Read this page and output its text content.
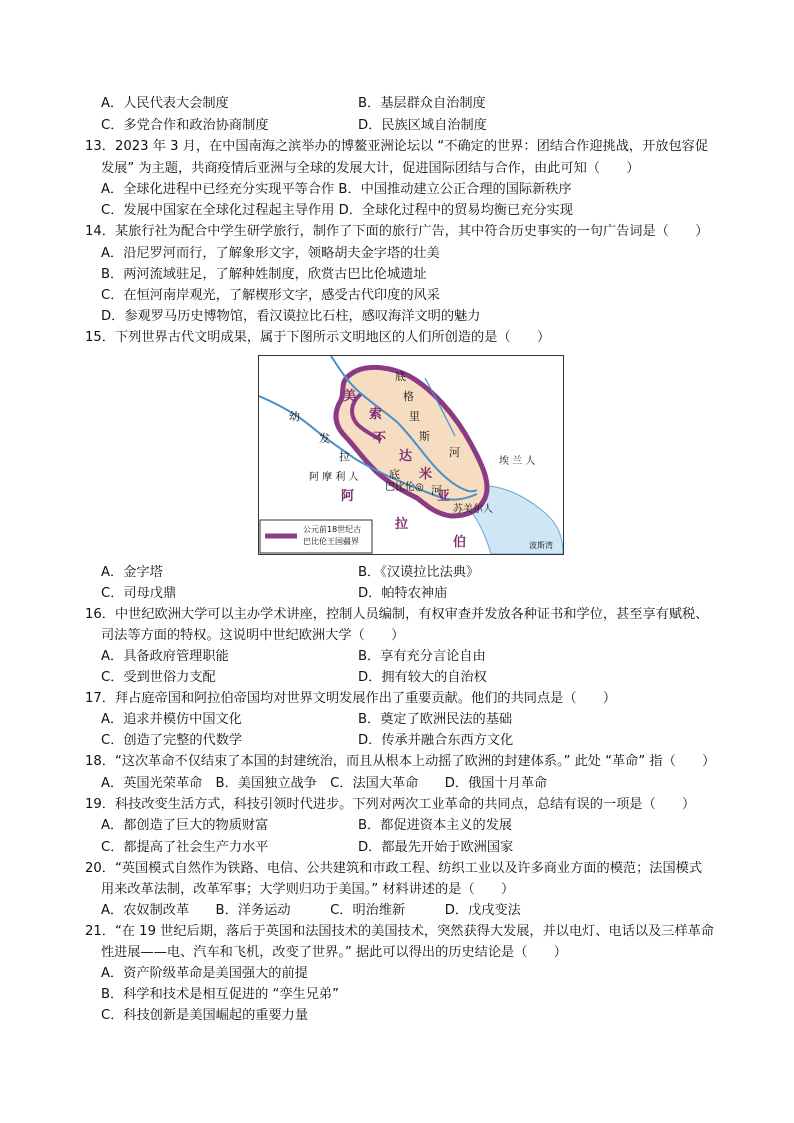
A．人民代表大会制度	B．基层群众自治制度
C．多党合作和政治协商制度	D．民族区域自治制度
13．2023 年 3 月，在中国南海之滨举办的博鳌亚洲论坛以 “不确定的世界：团结合作迎挑战，开放包容促
发展” 为主题，共商疫情后亚洲与全球的发展大计，促进国际团结与合作，由此可知（　　）
A．全球化进程中已经充分实现平等合作 B．中国推动建立公正合理的国际新秩序
C．发展中国家在全球化过程起主导作用 D．全球化过程中的贸易均衡已充分实现
14．某旅行社为配合中学生研学旅行，制作了下面的旅行广告，其中符合历史事实的一句广告词是（　　）
A．沿尼罗河而行，了解象形文字，领略胡夫金字塔的壮美
B．两河流域驻足，了解种姓制度，欣赏古巴比伦城遗址
C．在恒河南岸观光，了解楔形文字，感受古代印度的风采
D．参观罗马历史博物馆，看汉谟拉比石柱，感叹海洋文明的魅力
15．下列世界古代文明成果，属于下图所示文明地区的人们所创造的是（　　）
美
索
不
达
米
亚
底
格
里
斯
河
幼
发
拉
底
河
阿 摩 利 人
埃 兰 人
巴比伦◎
苏美尔人
阿
拉
伯	波斯湾
公元前18世纪古
巴比伦王国疆界
A．金字塔	B．《汉谟拉比法典》
C．司母戊鼎	D．帕特农神庙
16．中世纪欧洲大学可以主办学术讲座，控制人员编制，有权审查并发放各种证书和学位，甚至享有赋税、
司法等方面的特权。这说明中世纪欧洲大学（　　）
A．具备政府管理职能	B．享有充分言论自由
C．受到世俗力支配	D．拥有较大的自治权
17．拜占庭帝国和阿拉伯帝国均对世界文明发展作出了重要贡献。他们的共同点是（　　）
A．追求并模仿中国文化	B．奠定了欧洲民法的基础
C．创造了完整的代数学	D．传承并融合东西方文化
18．“这次革命不仅结束了本国的封建统治，而且从根本上动摇了欧洲的封建体系。” 此处 “革命” 指（　　）
A．英国光荣革命　B．美国独立战争　C．法国大革命　　D．俄国十月革命
19．科技改变生活方式，科技引领时代进步。下列对两次工业革命的共同点，总结有误的一项是（　　）
A．都创造了巨大的物质财富	B．都促进资本主义的发展
C．都提高了社会生产力水平	D．都最先开始于欧洲国家
20．“英国模式自然作为铁路、电信、公共建筑和市政工程、纺织工业以及许多商业方面的模范；法国模式
用来改革法制，改革军事；大学则归功于美国。” 材料讲述的是（　　）
A．农奴制改革　　B．洋务运动　　　C．明治维新　　　D．戊戌变法
21．“在 19 世纪后期，落后于英国和法国技术的美国技术，突然获得大发展，并以电灯、电话以及三样革命
性进展——电、汽车和飞机，改变了世界。” 据此可以得出的历史结论是（　　）
A．资产阶级革命是美国强大的前提
B．科学和技术是相互促进的 “孪生兄弟”
C．科技创新是美国崛起的重要力量
